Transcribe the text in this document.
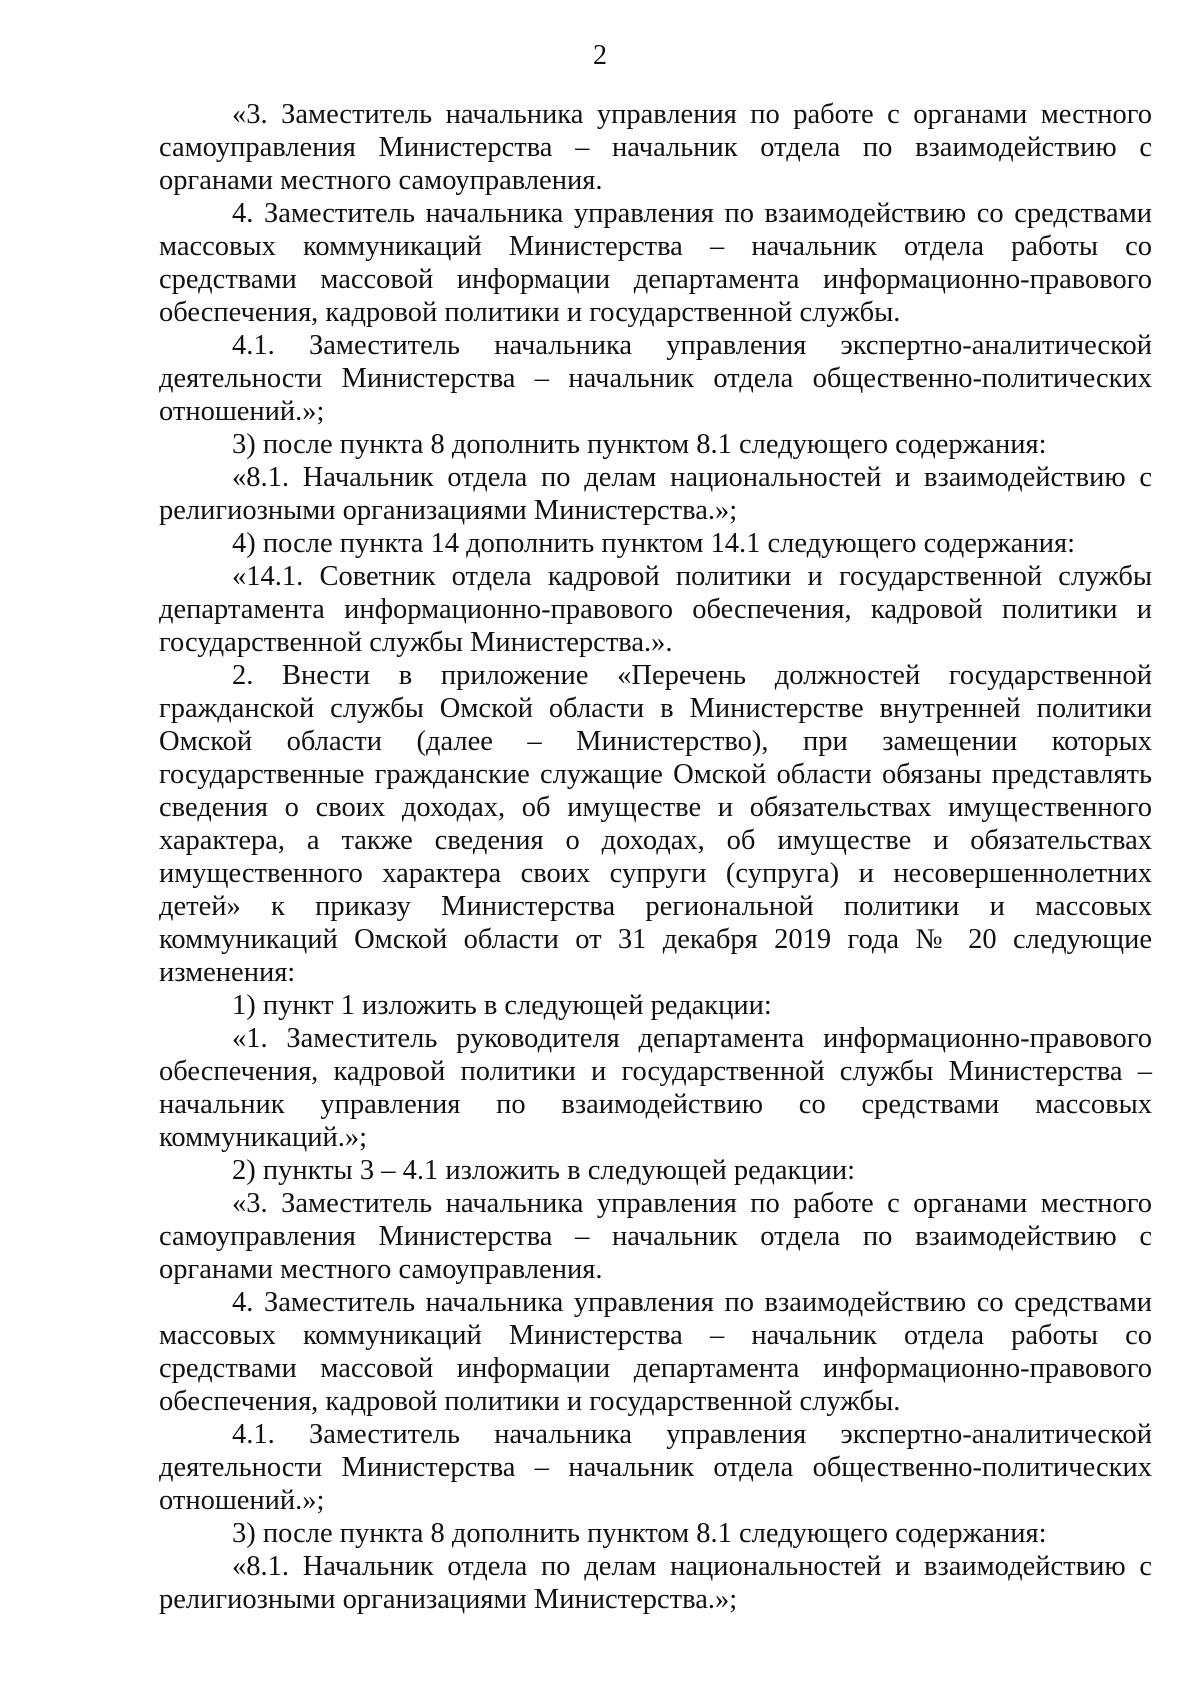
2

«3. Заместитель начальника управления по работе с органами местного самоуправления Министерства – начальник отдела по взаимодействию с органами местного самоуправления.

4. Заместитель начальника управления по взаимодействию со средствами массовых коммуникаций Министерства – начальник отдела работы со средствами массовой информации департамента информационно-правового обеспечения, кадровой политики и государственной службы.

4.1. Заместитель начальника управления экспертно-аналитической деятельности Министерства – начальник отдела общественно-политических отношений.»;

3) после пункта 8 дополнить пунктом 8.1 следующего содержания:

«8.1. Начальник отдела по делам национальностей и взаимодействию с религиозными организациями Министерства.»;

4) после пункта 14 дополнить пунктом 14.1 следующего содержания:

«14.1. Советник отдела кадровой политики и государственной службы департамента информационно-правового обеспечения, кадровой политики и государственной службы Министерства.».

2. Внести в приложение «Перечень должностей государственной гражданской службы Омской области в Министерстве внутренней политики Омской области (далее – Министерство), при замещении которых государственные гражданские служащие Омской области обязаны представлять сведения о своих доходах, об имуществе и обязательствах имущественного характера, а также сведения о доходах, об имуществе и обязательствах имущественного характера своих супруги (супруга) и несовершеннолетних детей» к приказу Министерства региональной политики и массовых коммуникаций Омской области от 31 декабря 2019 года № 20 следующие изменения:

1) пункт 1 изложить в следующей редакции:

«1. Заместитель руководителя департамента информационно-правового обеспечения, кадровой политики и государственной службы Министерства – начальник управления по взаимодействию со средствами массовых коммуникаций.»;

2) пункты 3 – 4.1 изложить в следующей редакции:

«3. Заместитель начальника управления по работе с органами местного самоуправления Министерства – начальник отдела по взаимодействию с органами местного самоуправления.

4. Заместитель начальника управления по взаимодействию со средствами массовых коммуникаций Министерства – начальник отдела работы со средствами массовой информации департамента информационно-правового обеспечения, кадровой политики и государственной службы.

4.1. Заместитель начальника управления экспертно-аналитической деятельности Министерства – начальник отдела общественно-политических отношений.»;

3) после пункта 8 дополнить пунктом 8.1 следующего содержания:

«8.1. Начальник отдела по делам национальностей и взаимодействию с религиозными организациями Министерства.»;
